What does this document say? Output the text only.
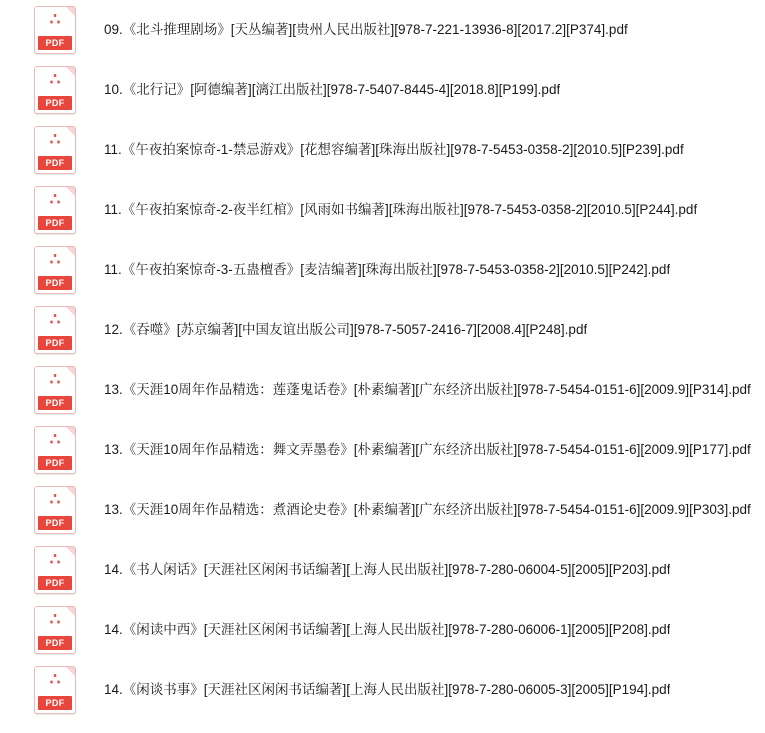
∴
PDF
09.《北斗推理剧场》[天丛编著][贵州人民出版社][978-7-221-13936-8][2017.2][P374].pdf
∴
PDF
10.《北行记》[阿德编著][漓江出版社][978-7-5407-8445-4][2018.8][P199].pdf
∴
PDF
11.《午夜拍案惊奇-1-禁忌游戏》[花想容编著][珠海出版社][978-7-5453-0358-2][2010.5][P239].pdf
∴
PDF
11.《午夜拍案惊奇-2-夜半红棺》[风雨如书编著][珠海出版社][978-7-5453-0358-2][2010.5][P244].pdf
∴
PDF
11.《午夜拍案惊奇-3-五蛊檀香》[麦洁编著][珠海出版社][978-7-5453-0358-2][2010.5][P242].pdf
∴
PDF
12.《吞噬》[苏京编著][中国友谊出版公司][978-7-5057-2416-7][2008.4][P248].pdf
∴
PDF
13.《天涯10周年作品精选：莲蓬鬼话卷》[朴素编著][广东经济出版社][978-7-5454-0151-6][2009.9][P314].pdf
∴
PDF
13.《天涯10周年作品精选：舞文弄墨卷》[朴素编著][广东经济出版社][978-7-5454-0151-6][2009.9][P177].pdf
∴
PDF
13.《天涯10周年作品精选：煮酒论史卷》[朴素编著][广东经济出版社][978-7-5454-0151-6][2009.9][P303].pdf
∴
PDF
14.《书人闲话》[天涯社区闲闲书话编著][上海人民出版社][978-7-280-06004-5][2005][P203].pdf
∴
PDF
14.《闲读中西》[天涯社区闲闲书话编著][上海人民出版社][978-7-280-06006-1][2005][P208].pdf
∴
PDF
14.《闲谈书事》[天涯社区闲闲书话编著][上海人民出版社][978-7-280-06005-3][2005][P194].pdf
